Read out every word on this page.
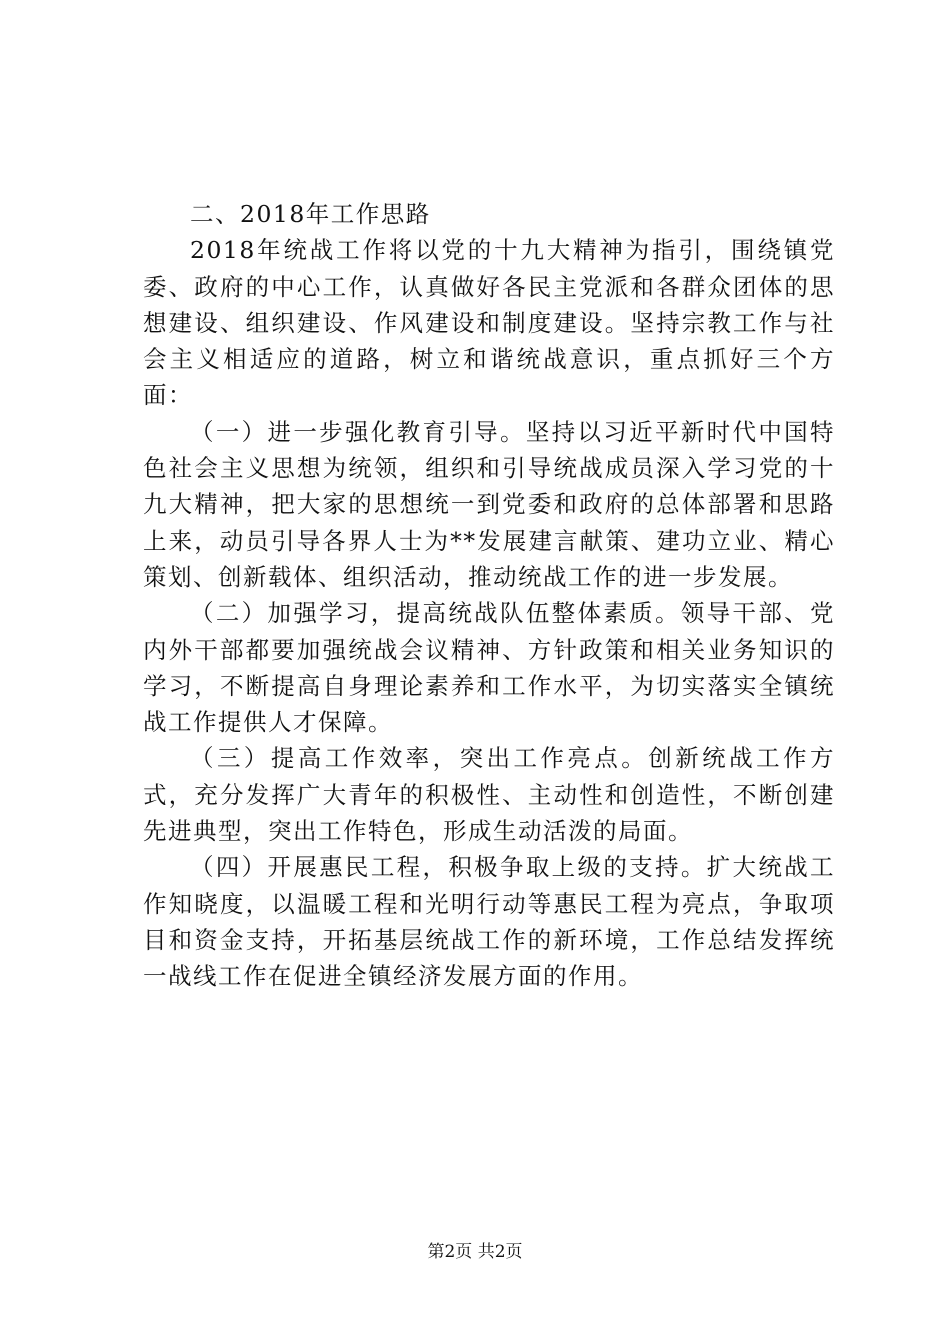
二、2018年工作思路

2018年统战工作将以党的十九大精神为指引，围绕镇党委、政府的中心工作，认真做好各民主党派和各群众团体的思想建设、组织建设、作风建设和制度建设。坚持宗教工作与社会主义相适应的道路，树立和谐统战意识，重点抓好三个方面：

（一）进一步强化教育引导。坚持以习近平新时代中国特色社会主义思想为统领，组织和引导统战成员深入学习党的十九大精神，把大家的思想统一到党委和政府的总体部署和思路上来，动员引导各界人士为**发展建言献策、建功立业、精心策划、创新载体、组织活动，推动统战工作的进一步发展。

（二）加强学习，提高统战队伍整体素质。领导干部、党内外干部都要加强统战会议精神、方针政策和相关业务知识的学习，不断提高自身理论素养和工作水平，为切实落实全镇统战工作提供人才保障。

（三）提高工作效率，突出工作亮点。创新统战工作方式，充分发挥广大青年的积极性、主动性和创造性，不断创建先进典型，突出工作特色，形成生动活泼的局面。

（四）开展惠民工程，积极争取上级的支持。扩大统战工作知晓度，以温暖工程和光明行动等惠民工程为亮点，争取项目和资金支持，开拓基层统战工作的新环境，工作总结发挥统一战线工作在促进全镇经济发展方面的作用。

第2页 共2页
